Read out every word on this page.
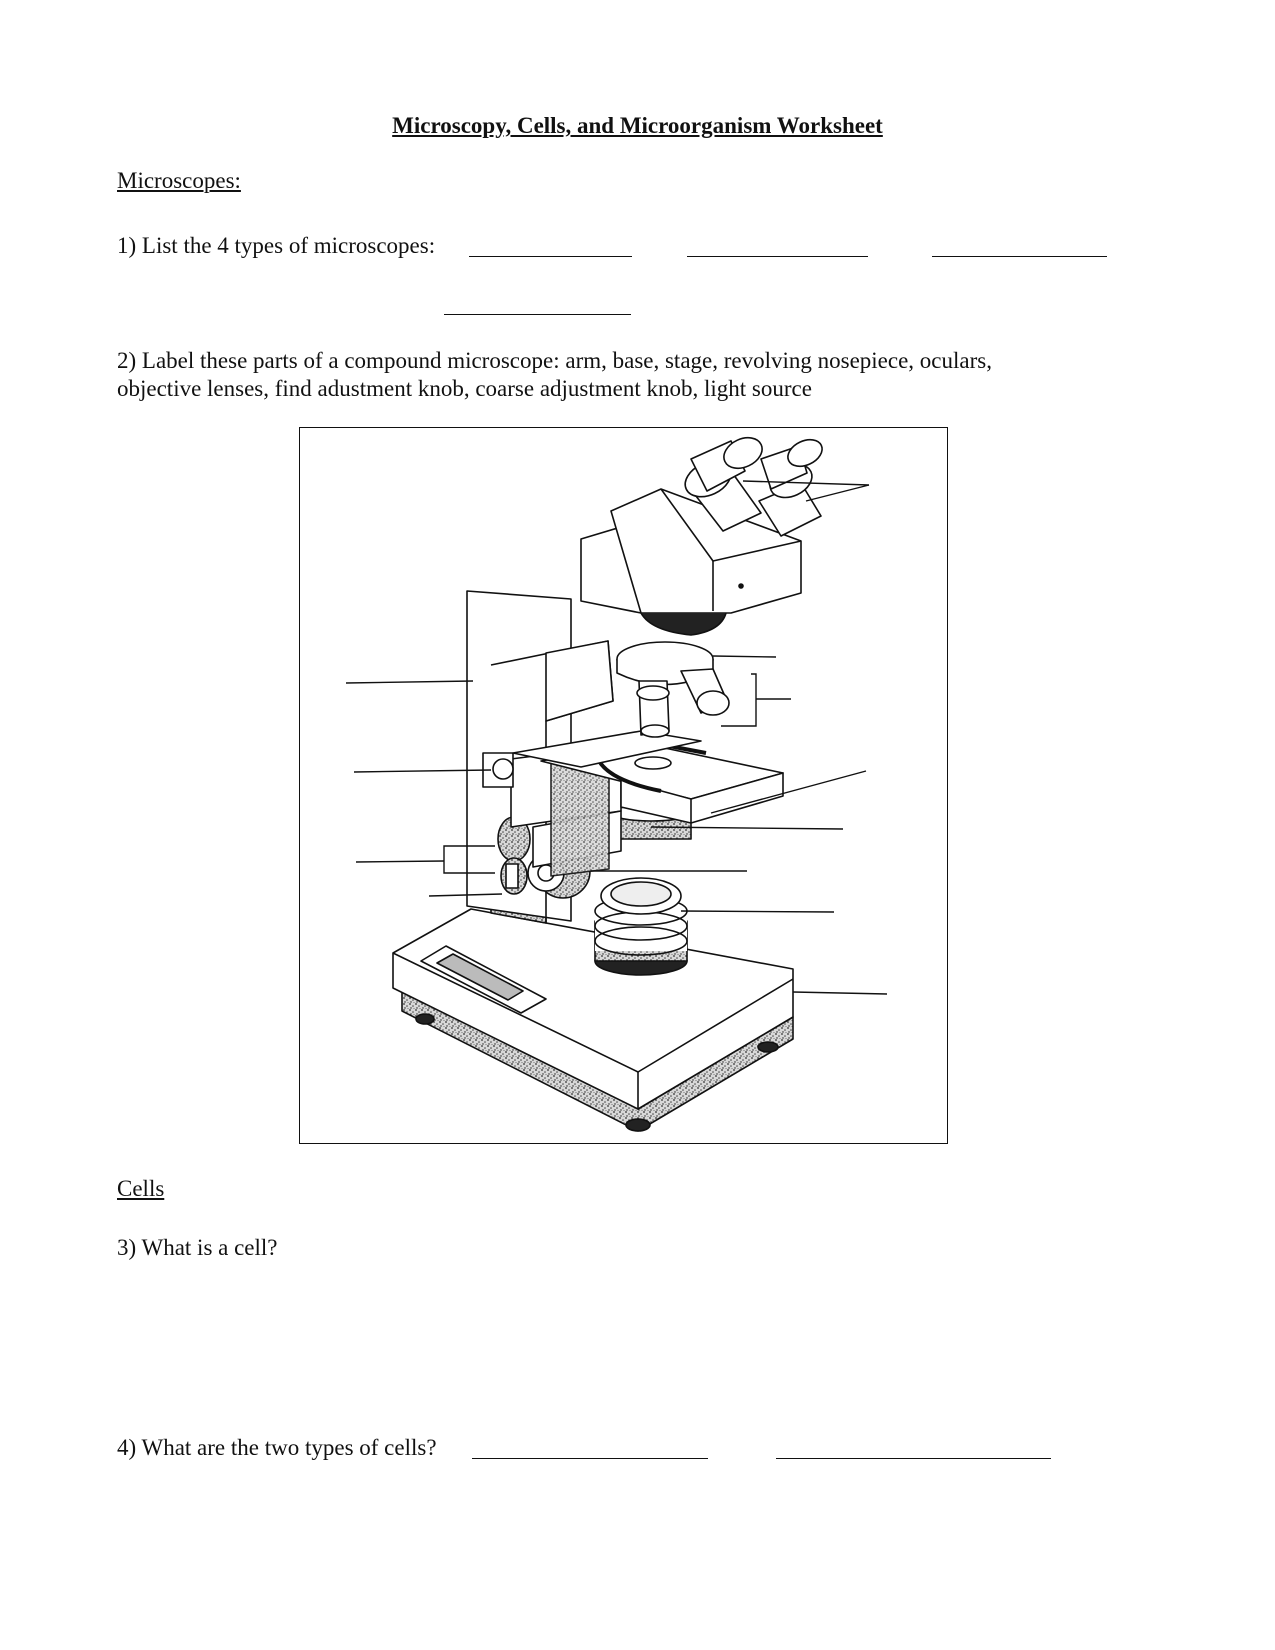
Microscopy, Cells, and Microorganism Worksheet
Microscopes:
1) List the 4 types of microscopes:
2) Label these parts of a compound microscope: arm, base, stage, revolving nosepiece, oculars,
objective lenses, find adustment knob, coarse adjustment knob, light source
Cells
3) What is a cell?
4) What are the two types of cells?
